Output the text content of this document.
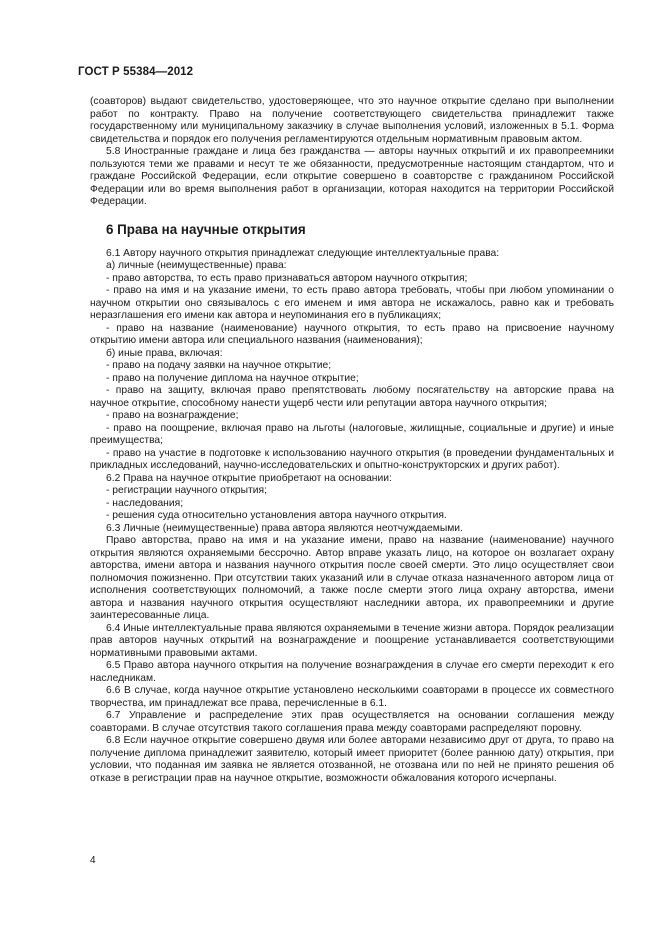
ГОСТ Р 55384—2012

(соавторов) выдают свидетельство, удостоверяющее, что это научное открытие сделано при выполнении работ по контракту. Право на получение соответствующего свидетельства принадлежит также государственному или муниципальному заказчику в случае выполнения условий, изложенных в 5.1. Форма свидетельства и порядок его получения регламентируются отдельным нормативным правовым актом.

5.8 Иностранные граждане и лица без гражданства — авторы научных открытий и их правопреемники пользуются теми же правами и несут те же обязанности, предусмотренные настоящим стандартом, что и граждане Российской Федерации, если открытие совершено в соавторстве с гражданином Российской Федерации или во время выполнения работ в организации, которая находится на территории Российской Федерации.

6 Права на научные открытия

6.1 Автору научного открытия принадлежат следующие интеллектуальные права:

а) личные (неимущественные) права:

- право авторства, то есть право признаваться автором научного открытия;

- право на имя и на указание имени, то есть право автора требовать, чтобы при любом упоминании о научном открытии оно связывалось с его именем и имя автора не искажалось, равно как и требовать неразглашения его имени как автора и неупоминания его в публикациях;

- право на название (наименование) научного открытия, то есть право на присвоение научному открытию имени автора или специального названия (наименования);

б) иные права, включая:

- право на подачу заявки на научное открытие;

- право на получение диплома на научное открытие;

- право на защиту, включая право препятствовать любому посягательству на авторские права на научное открытие, способному нанести ущерб чести или репутации автора научного открытия;

- право на вознаграждение;

- право на поощрение, включая право на льготы (налоговые, жилищные, социальные и другие) и иные преимущества;

- право на участие в подготовке к использованию научного открытия (в проведении фундаментальных и прикладных исследований, научно-исследовательских и опытно-конструкторских и других работ).

6.2 Права на научное открытие приобретают на основании:

- регистрации научного открытия;

- наследования;

- решения суда относительно установления автора научного открытия.

6.3 Личные (неимущественные) права автора являются неотчуждаемыми.

Право авторства, право на имя и на указание имени, право на название (наименование) научного открытия являются охраняемыми бессрочно. Автор вправе указать лицо, на которое он возлагает охрану авторства, имени автора и названия научного открытия после своей смерти. Это лицо осуществляет свои полномочия пожизненно. При отсутствии таких указаний или в случае отказа назначенного автором лица от исполнения соответствующих полномочий, а также после смерти этого лица охрану авторства, имени автора и названия научного открытия осуществляют наследники автора, их правопреемники и другие заинтересованные лица.

6.4 Иные интеллектуальные права являются охраняемыми в течение жизни автора. Порядок реализации прав авторов научных открытий на вознаграждение и поощрение устанавливается соответствующими нормативными правовыми актами.

6.5 Право автора научного открытия на получение вознаграждения в случае его смерти переходит к его наследникам.

6.6 В случае, когда научное открытие установлено несколькими соавторами в процессе их совместного творчества, им принадлежат все права, перечисленные в 6.1.

6.7 Управление и распределение этих прав осуществляется на основании соглашения между соавторами. В случае отсутствия такого соглашения права между соавторами распределяют поровну.

6.8 Если научное открытие совершено двумя или более авторами независимо друг от друга, то право на получение диплома принадлежит заявителю, который имеет приоритет (более раннюю дату) открытия, при условии, что поданная им заявка не является отозванной, не отозвана или по ней не принято решения об отказе в регистрации прав на научное открытие, возможности обжалования которого исчерпаны.

4
